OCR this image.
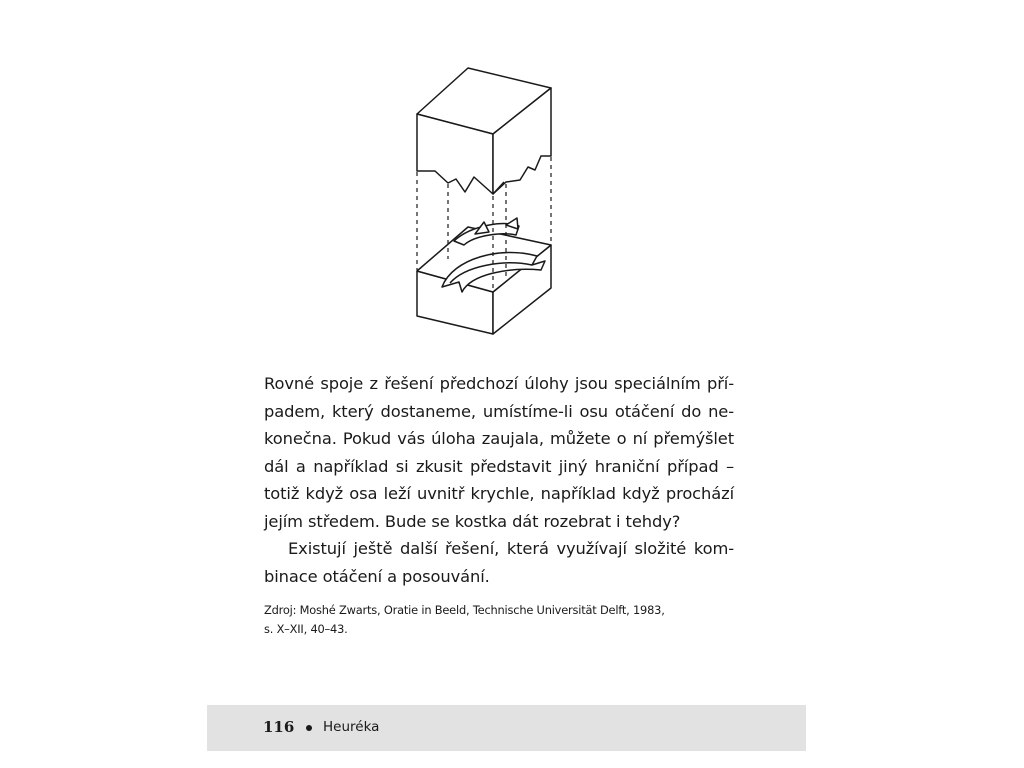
Rovné spoje z řešení předchozí úlohy jsou speciálním pří-
padem, který dostaneme, umístíme-li osu otáčení do ne-
konečna. Pokud vás úloha zaujala, můžete o ní přemýšlet
dál a například si zkusit představit jiný hraniční případ –
totiž když osa leží uvnitř krychle, například když prochází
jejím středem. Bude se kostka dát rozebrat i tehdy?
Existují ještě další řešení, která využívají složité kom-
binace otáčení a posouvání.
Zdroj: Moshé Zwarts, Oratie in Beeld, Technische Universität Delft, 1983,
s. X–XII, 40–43.
116 Heuréka
